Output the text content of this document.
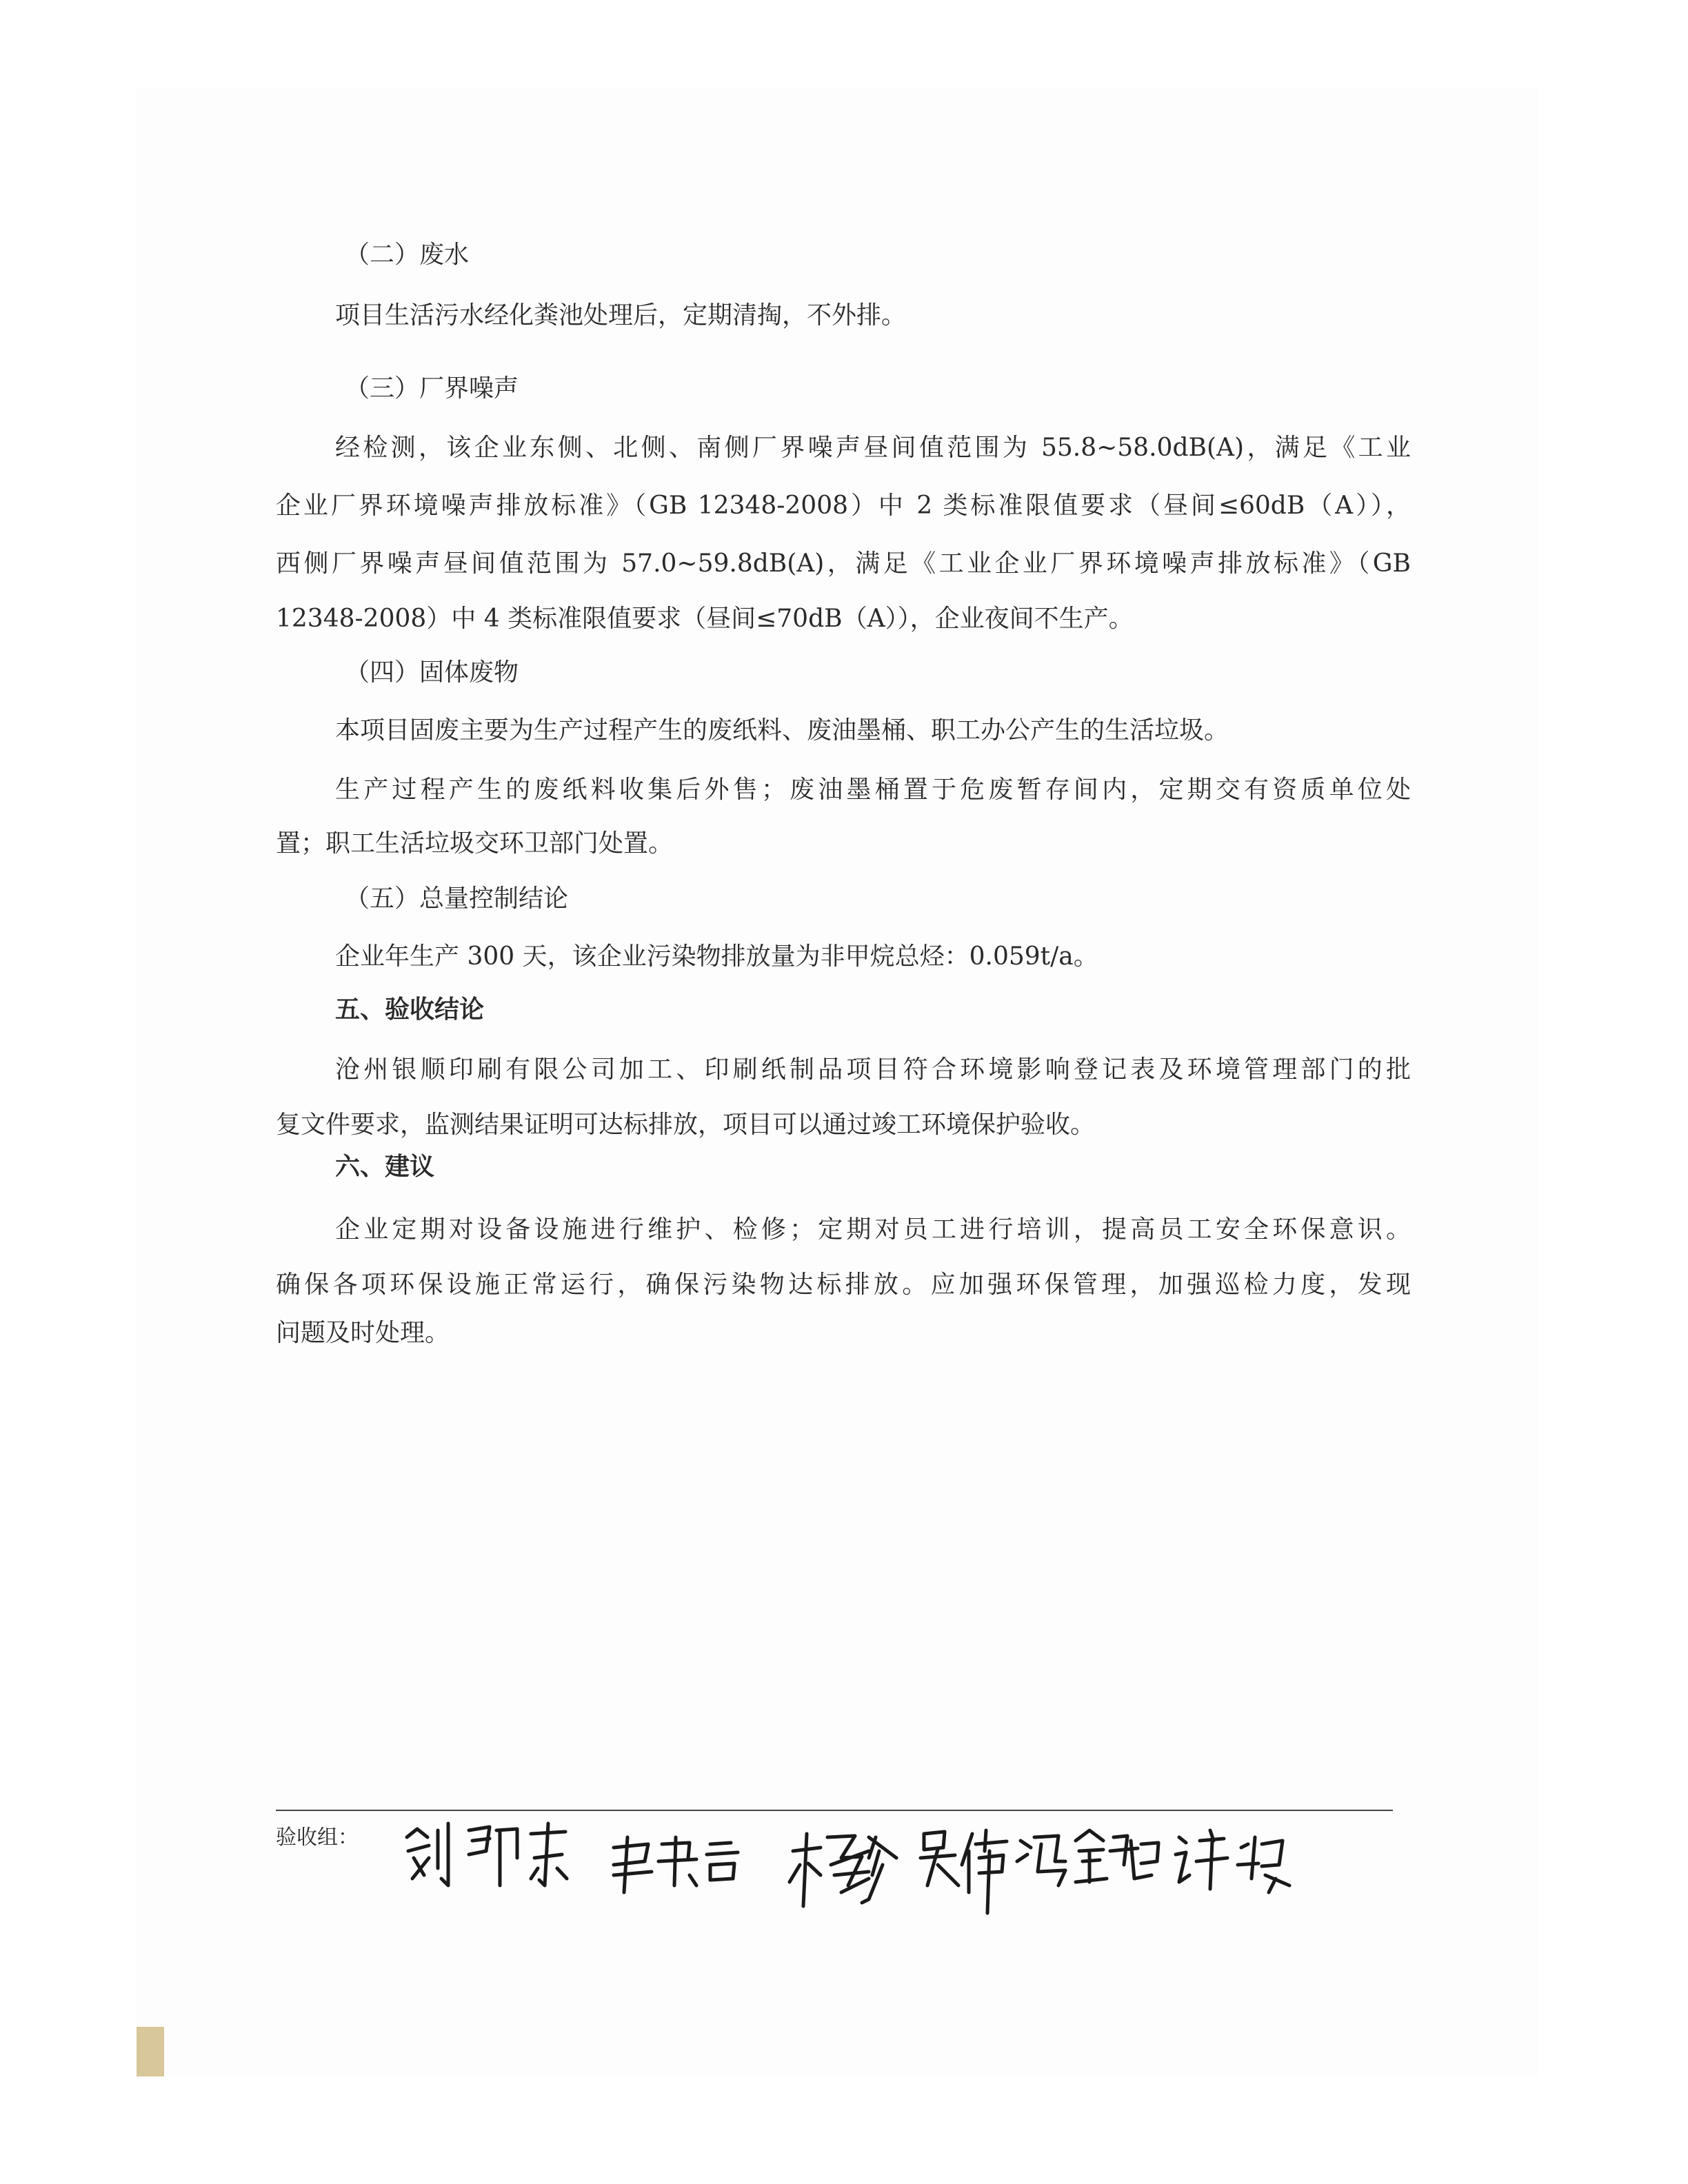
（二）废水
项目生活污水经化粪池处理后，定期清掏，不外排。
（三）厂界噪声
经检测，该企业东侧、北侧、南侧厂界噪声昼间值范围为 55.8~58.0dB(A)，满足《工业
企业厂界环境噪声排放标准》（GB 12348-2008）中 2 类标准限值要求（昼间≤60dB（A）），
西侧厂界噪声昼间值范围为 57.0~59.8dB(A)，满足《工业企业厂界环境噪声排放标准》（GB
12348-2008）中 4 类标准限值要求（昼间≤70dB（A）），企业夜间不生产。
（四）固体废物
本项目固废主要为生产过程产生的废纸料、废油墨桶、职工办公产生的生活垃圾。
生产过程产生的废纸料收集后外售；废油墨桶置于危废暂存间内，定期交有资质单位处
置；职工生活垃圾交环卫部门处置。
（五）总量控制结论
企业年生产 300 天，该企业污染物排放量为非甲烷总烃：0.059t/a。
五、验收结论
沧州银顺印刷有限公司加工、印刷纸制品项目符合环境影响登记表及环境管理部门的批
复文件要求，监测结果证明可达标排放，项目可以通过竣工环境保护验收。
六、建议
企业定期对设备设施进行维护、检修；定期对员工进行培训，提高员工安全环保意识。
确保各项环保设施正常运行，确保污染物达标排放。应加强环保管理，加强巡检力度，发现
问题及时处理。
验收组：
